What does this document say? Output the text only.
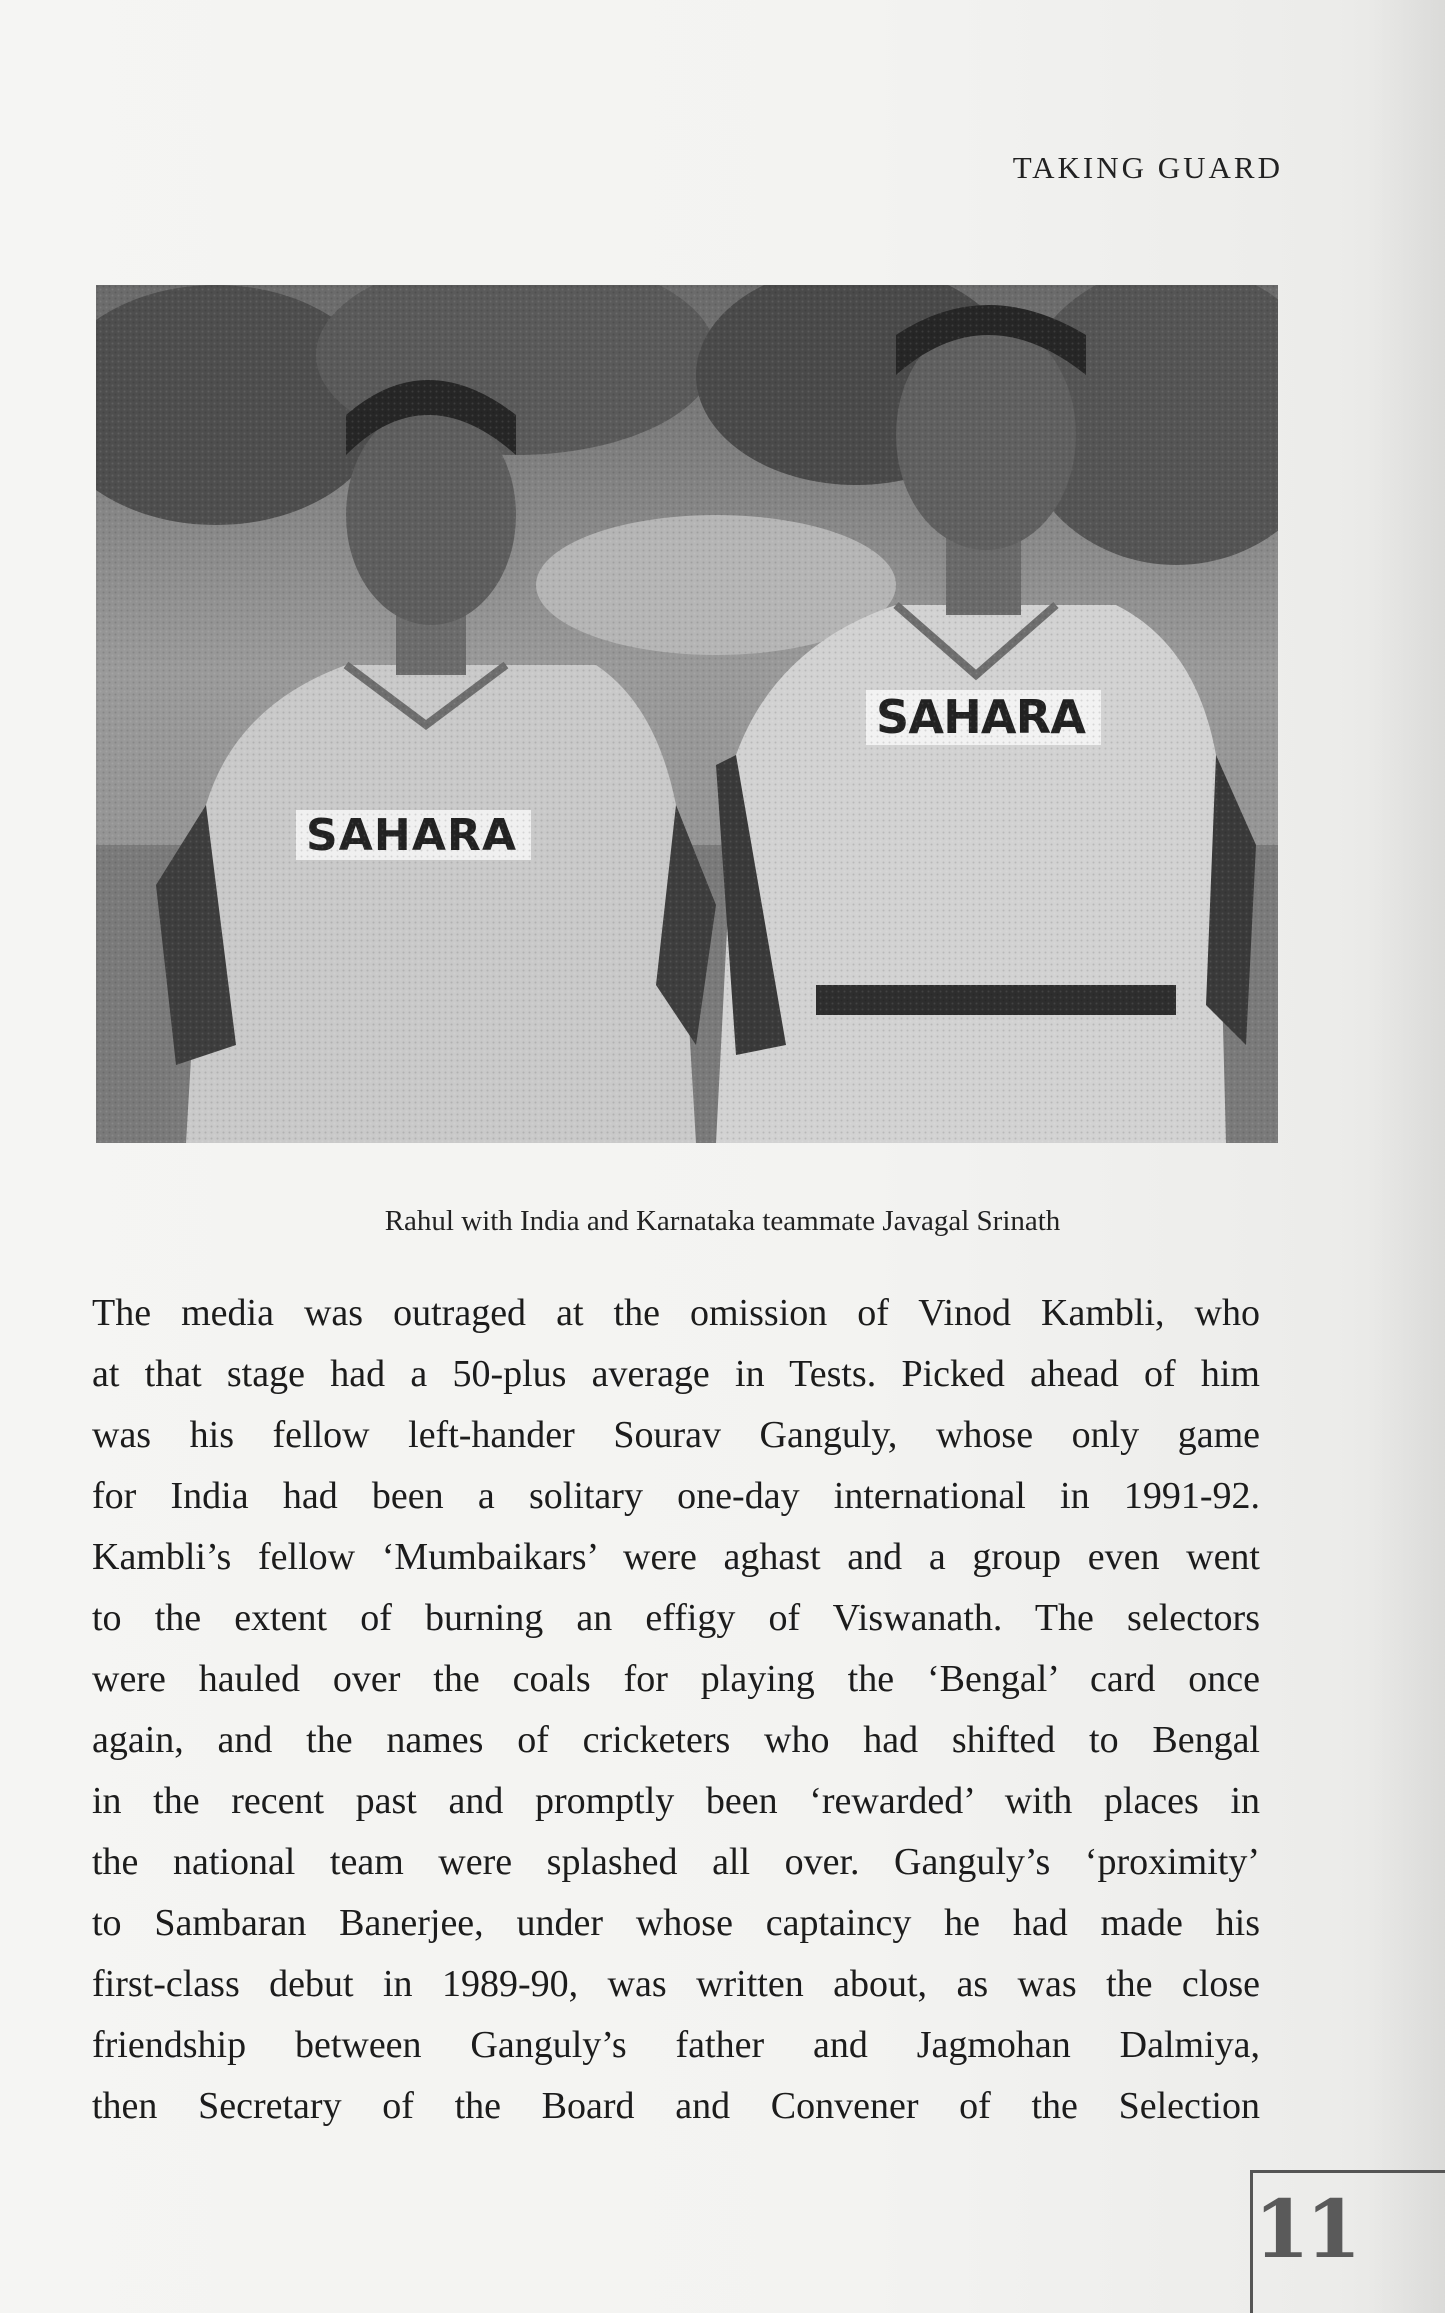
TAKING GUARD
Rahul with India and Karnataka teammate Javagal Srinath
The media was outraged at the omission of Vinod Kambli, who
at that stage had a 50-plus average in Tests. Picked ahead of him
was his fellow left-hander Sourav Ganguly, whose only game
for India had been a solitary one-day international in 1991-92.
Kambli’s fellow ‘Mumbaikars’ were aghast and a group even went
to the extent of burning an effigy of Viswanath. The selectors
were hauled over the coals for playing the ‘Bengal’ card once
again, and the names of cricketers who had shifted to Bengal
in the recent past and promptly been ‘rewarded’ with places in
the national team were splashed all over. Ganguly’s ‘proximity’
to Sambaran Banerjee, under whose captaincy he had made his
first-class debut in 1989-90, was written about, as was the close
friendship between Ganguly’s father and Jagmohan Dalmiya,
then Secretary of the Board and Convener of the Selection
11
